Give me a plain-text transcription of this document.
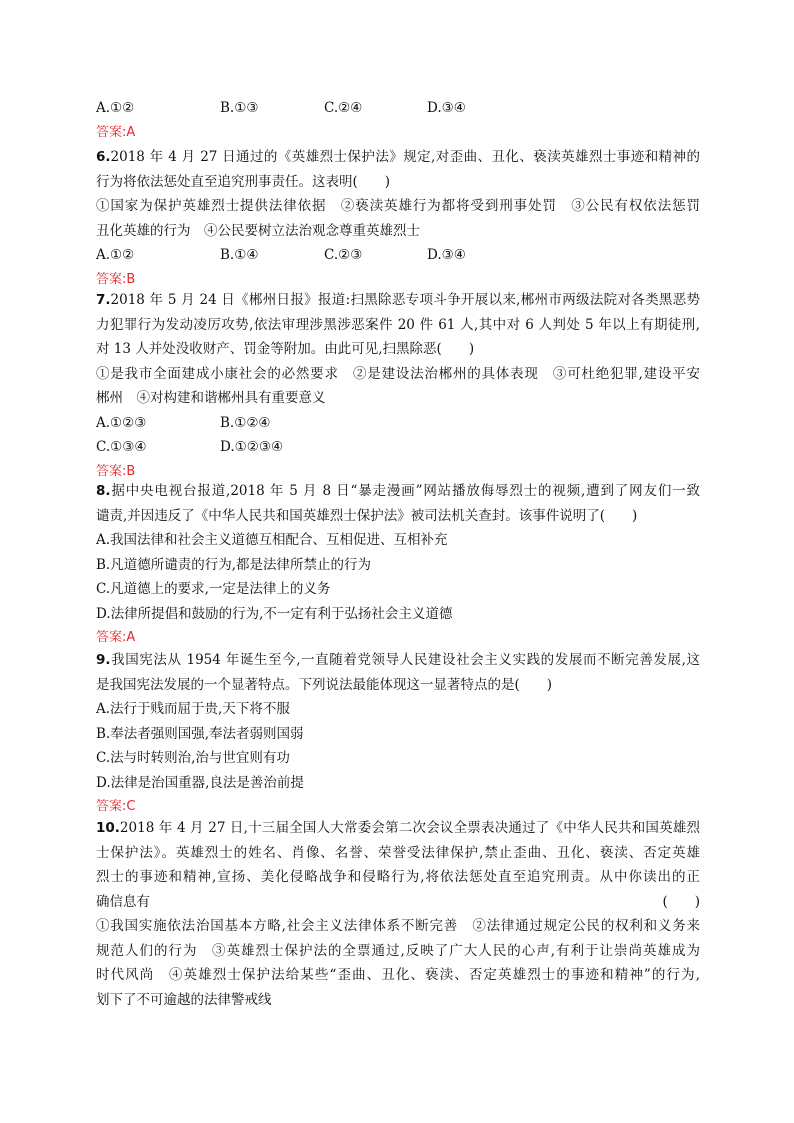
A.①②	B.①③	C.②④	D.③④
答案:A
6.2018 年 4 月 27 日通过的《英雄烈士保护法》规定,对歪曲、丑化、亵渎英雄烈士事迹和精神的
行为将依法惩处直至追究刑事责任。这表明(　　)
①国家为保护英雄烈士提供法律依据　②亵渎英雄行为都将受到刑事处罚　③公民有权依法惩罚
丑化英雄的行为　④公民要树立法治观念尊重英雄烈士
A.①②	B.①④	C.②③	D.③④
答案:B
7.2018 年 5 月 24 日《郴州日报》报道:扫黑除恶专项斗争开展以来,郴州市两级法院对各类黑恶势
力犯罪行为发动凌厉攻势,依法审理涉黑涉恶案件 20 件 61 人,其中对 6 人判处 5 年以上有期徒刑,
对 13 人并处没收财产、罚金等附加。由此可见,扫黑除恶(　　)
①是我市全面建成小康社会的必然要求　②是建设法治郴州的具体表现　③可杜绝犯罪,建设平安
郴州　④对构建和谐郴州具有重要意义
A.①②③	B.①②④
C.①③④	D.①②③④
答案:B
8.据中央电视台报道,2018 年 5 月 8 日“暴走漫画”网站播放侮辱烈士的视频,遭到了网友们一致
谴责,并因违反了《中华人民共和国英雄烈士保护法》被司法机关查封。该事件说明了(　　)
A.我国法律和社会主义道德互相配合、互相促进、互相补充
B.凡道德所谴责的行为,都是法律所禁止的行为
C.凡道德上的要求,一定是法律上的义务
D.法律所提倡和鼓励的行为,不一定有利于弘扬社会主义道德
答案:A
9.我国宪法从 1954 年诞生至今,一直随着党领导人民建设社会主义实践的发展而不断完善发展,这
是我国宪法发展的一个显著特点。下列说法最能体现这一显著特点的是(　　)
A.法行于贱而屈于贵,天下将不服
B.奉法者强则国强,奉法者弱则国弱
C.法与时转则治,治与世宜则有功
D.法律是治国重器,良法是善治前提
答案:C
10.2018 年 4 月 27 日,十三届全国人大常委会第二次会议全票表决通过了《中华人民共和国英雄烈
士保护法》。英雄烈士的姓名、肖像、名誉、荣誉受法律保护,禁止歪曲、丑化、亵渎、否定英雄
烈士的事迹和精神,宣扬、美化侵略战争和侵略行为,将依法惩处直至追究刑责。从中你读出的正
确信息有	(　　)
①我国实施依法治国基本方略,社会主义法律体系不断完善　②法律通过规定公民的权利和义务来
规范人们的行为　③英雄烈士保护法的全票通过,反映了广大人民的心声,有利于让崇尚英雄成为
时代风尚　④英雄烈士保护法给某些“歪曲、丑化、亵渎、否定英雄烈士的事迹和精神”的行为,
划下了不可逾越的法律警戒线
